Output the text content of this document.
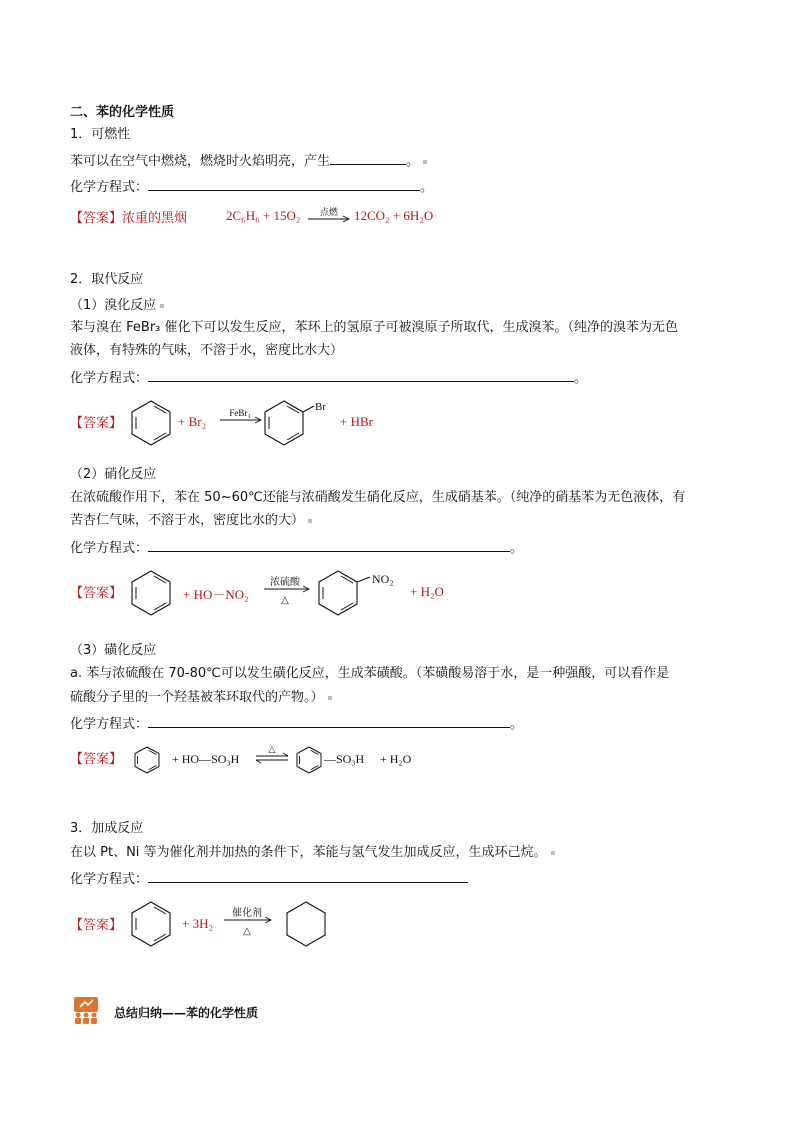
二、苯的化学性质
1．可燃性
苯可以在空气中燃烧，燃烧时火焰明亮，产生	。
化学方程式：	。
【答案】浓重的黑烟	2C₆H₆ + 15O₂ 点燃 12CO₂ + 6H₂O
2．取代反应
（1）溴化反应
苯与溴在 FeBr₃ 催化下可以发生反应，苯环上的氢原子可被溴原子所取代，生成溴苯。（纯净的溴苯为无色
液体，有特殊的气味，不溶于水，密度比水大）
化学方程式：	。
【答案】	+ Br₂
FeBr₃	Br
+ HBr
（2）硝化反应
在浓硫酸作用下，苯在 50~60℃还能与浓硝酸发生硝化反应，生成硝基苯。（纯净的硝基苯为无色液体，有
苦杏仁气味，不溶于水，密度比水的大）
化学方程式：	。
【答案】	+ HO－NO₂
浓硫酸
△
NO₂
+ H₂O
（3）磺化反应
a. 苯与浓硫酸在 70-80℃可以发生磺化反应，生成苯磺酸。（苯磺酸易溶于水，是一种强酸，可以看作是
硫酸分子里的一个羟基被苯环取代的产物。）
化学方程式：	。
【答案】	+ HO—SO₃H
△
—SO₃H + H₂O
3．加成反应
在以 Pt、Ni 等为催化剂并加热的条件下，苯能与氢气发生加成反应，生成环己烷。
化学方程式：
【答案】	+ 3H₂
催化剂
△
总结归纳——苯的化学性质
